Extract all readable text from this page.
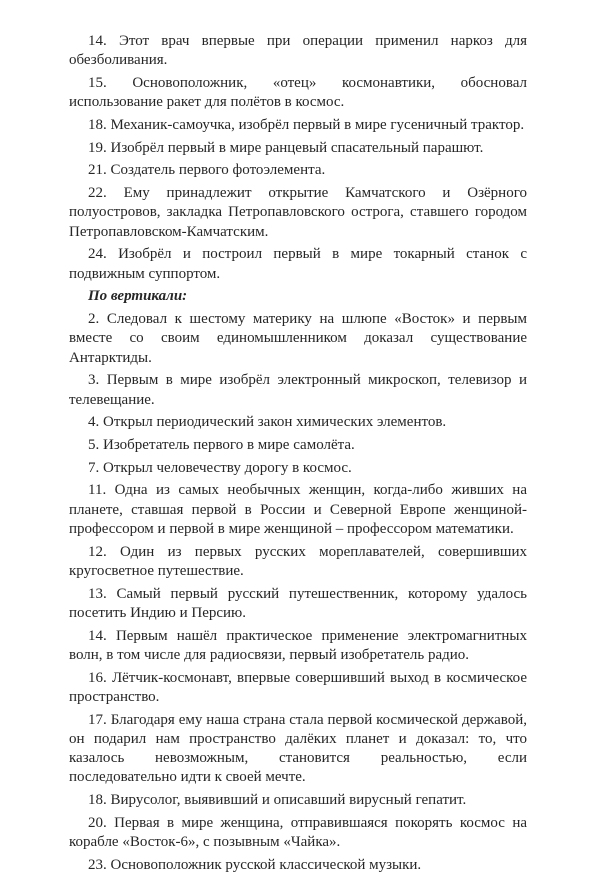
14. Этот врач впервые при операции применил наркоз для обезболивания.

15. Основоположник, «отец» космонавтики, обосновал использование ракет для полётов в космос.

18. Механик-самоучка, изобрёл первый в мире гусеничный трактор.

19. Изобрёл первый в мире ранцевый спасательный парашют.

21. Создатель первого фотоэлемента.

22. Ему принадлежит открытие Камчатского и Озёрного полуостровов, закладка Петропавловского острога, ставшего городом Петропавловском-Камчатским.

24. Изобрёл и построил первый в мире токарный станок с подвижным суппортом.

По вертикали:

2. Следовал к шестому материку на шлюпе «Восток» и первым вместе со своим единомышленником доказал существование Антарктиды.

3. Первым в мире изобрёл электронный микроскоп, телевизор и телевещание.

4. Открыл периодический закон химических элементов.

5. Изобретатель первого в мире самолёта.

7. Открыл человечеству дорогу в космос.

11. Одна из самых необычных женщин, когда-либо живших на планете, ставшая первой в России и Северной Европе женщиной-профессором и первой в мире женщиной – профессором математики.

12. Один из первых русских мореплавателей, совершивших кругосветное путешествие.

13. Самый первый русский путешественник, которому удалось посетить Индию и Персию.

14. Первым нашёл практическое применение электромагнитных волн, в том числе для радиосвязи, первый изобретатель радио.

16. Лётчик-космонавт, впервые совершивший выход в космическое пространство.

17. Благодаря ему наша страна стала первой космической державой, он подарил нам пространство далёких планет и доказал: то, что казалось невозможным, становится реальностью, если последовательно идти к своей мечте.

18. Вирусолог, выявивший и описавший вирусный гепатит.

20. Первая в мире женщина, отправившаяся покорять космос на корабле «Восток-6», с позывным «Чайка».

23. Основоположник русской классической музыки.
